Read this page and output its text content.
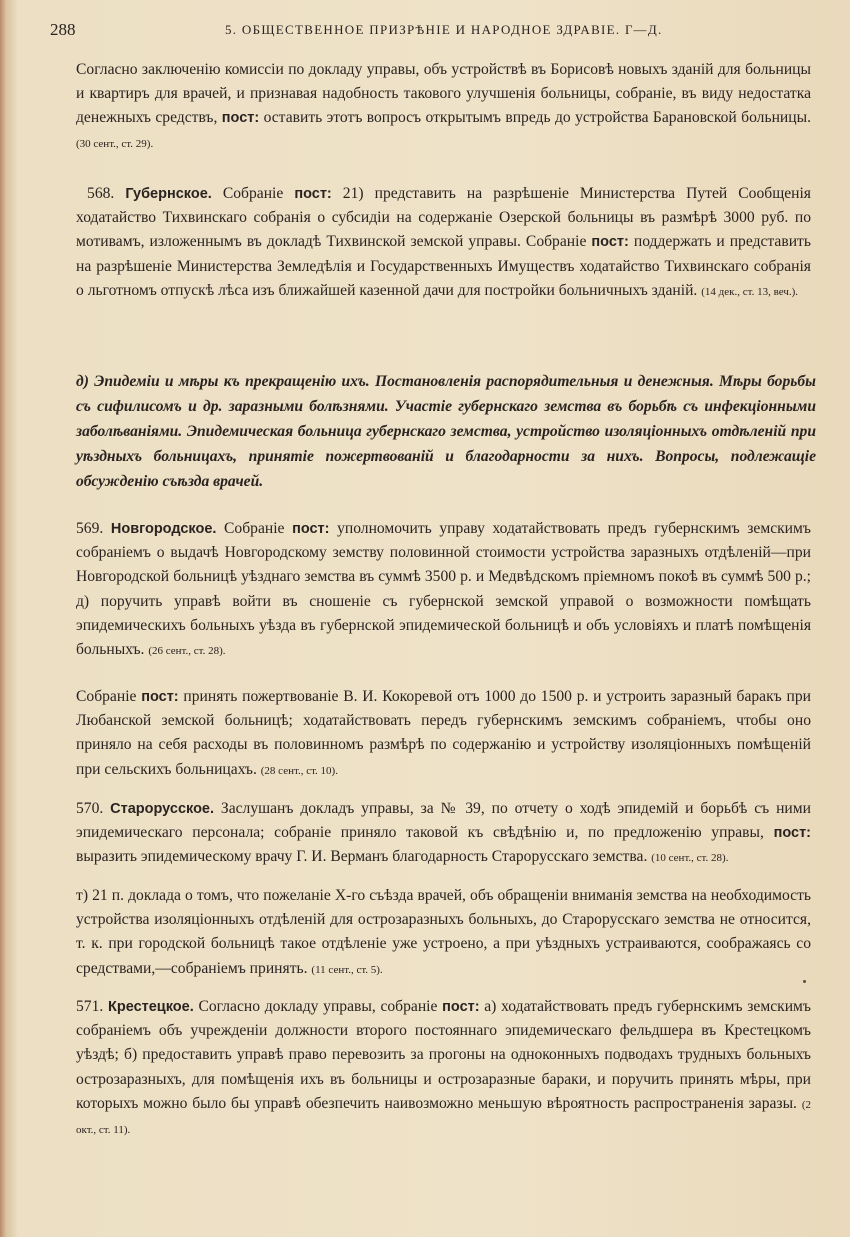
288	5. ОБЩЕСТВЕННОЕ ПРИЗРѢНІЕ И НАРОДНОЕ ЗДРАВІЕ. Г—Д.
Согласно заключенію комиссіи по докладу управы, объ устройствѣ въ Борисовѣ новыхъ зданій для больницы и квартиръ для врачей, и признавая надобность такового улучшенія больницы, собраніе, въ виду недостатка денежныхъ средствъ, пост: оставить этотъ вопросъ открытымъ впредь до устройства Барановской больницы. (30 сент., ст. 29).
568. Губернское. Собраніе пост: 21) представить на разрѣшеніе Министерства Путей Сообщенія ходатайство Тихвинскаго собранія о субсидіи на содержаніе Озерской больницы въ размѣрѣ 3000 руб. по мотивамъ, изложеннымъ въ докладѣ Тихвинской земской управы. Собраніе пост: поддержать и представить на разрѣшеніе Министерства Земледѣлія и Государственныхъ Имуществъ ходатайство Тихвинскаго собранія о льготномъ отпускѣ лѣса изъ ближайшей казенной дачи для постройки больничныхъ зданій. (14 дек., ст. 13, веч.).
д) Эпидеміи и мѣры къ прекращенію ихъ. Постановленія распорядительныя и денежныя. Мѣры борьбы съ сифилисомъ и др. заразными болѣзнями. Участіе губернскаго земства въ борьбѣ съ инфекціонными заболѣваніями. Эпидемическая больница губернскаго земства, устройство изоляціонныхъ отдѣленій при уѣздныхъ больницахъ, принятіе пожертвованій и благодарности за нихъ. Вопросы, подлежащіе обсужденію съѣзда врачей.
569. Новгородское. Собраніе пост: уполномочить управу ходатайствовать предъ губернскимъ земскимъ собраніемъ о выдачѣ Новгородскому земству половинной стоимости устройства заразныхъ отдѣленій—при Новгородской больницѣ уѣзднаго земства въ суммѣ 3500 р. и Медвѣдскомъ пріемномъ покоѣ въ суммѣ 500 р.; д) поручить управѣ войти въ сношеніе съ губернской земской управой о возможности помѣщать эпидемическихъ больныхъ уѣзда въ губернской эпидемической больницѣ и объ условіяхъ и платѣ помѣщенія больныхъ. (26 сент., ст. 28).
Собраніе пост: принять пожертвованіе В. И. Кокоревой отъ 1000 до 1500 р. и устроить заразный баракъ при Любанской земской больницѣ; ходатайствовать передъ губернскимъ земскимъ собраніемъ, чтобы оно приняло на себя расходы въ половинномъ размѣрѣ по содержанію и устройству изоляціонныхъ помѣщеній при сельскихъ больницахъ. (28 сент., ст. 10).
570. Старорусское. Заслушанъ докладъ управы, за № 39, по отчету о ходѣ эпидемій и борьбѣ съ ними эпидемическаго персонала; собраніе приняло таковой къ свѣдѣнію и, по предложенію управы, пост: выразить эпидемическому врачу Г. И. Верманъ благодарность Старорусскаго земства. (10 сент., ст. 28).
т) 21 п. доклада о томъ, что пожеланіе X-го съѣзда врачей, объ обращеніи вниманія земства на необходимость устройства изоляціонныхъ отдѣленій для острозаразныхъ больныхъ, до Старорусскаго земства не относится, т. к. при городской больницѣ такое отдѣленіе уже устроено, а при уѣздныхъ устраиваются, соображаясь со средствами,—собраніемъ принять. (11 сент., ст. 5).
571. Крестецкое. Согласно докладу управы, собраніе пост: а) ходатайствовать предъ губернскимъ земскимъ собраніемъ объ учрежденіи должности второго постояннаго эпидемическаго фельдшера въ Крестецкомъ уѣздѣ; б) предоставить управѣ право перевозить за прогоны на одноконныхъ подводахъ трудныхъ больныхъ острозаразныхъ, для помѣщенія ихъ въ больницы и острозаразные бараки, и поручить принять мѣры, при которыхъ можно было бы управѣ обезпечить наивозможно меньшую вѣроятность распространенія заразы. (2 окт., ст. 11).
